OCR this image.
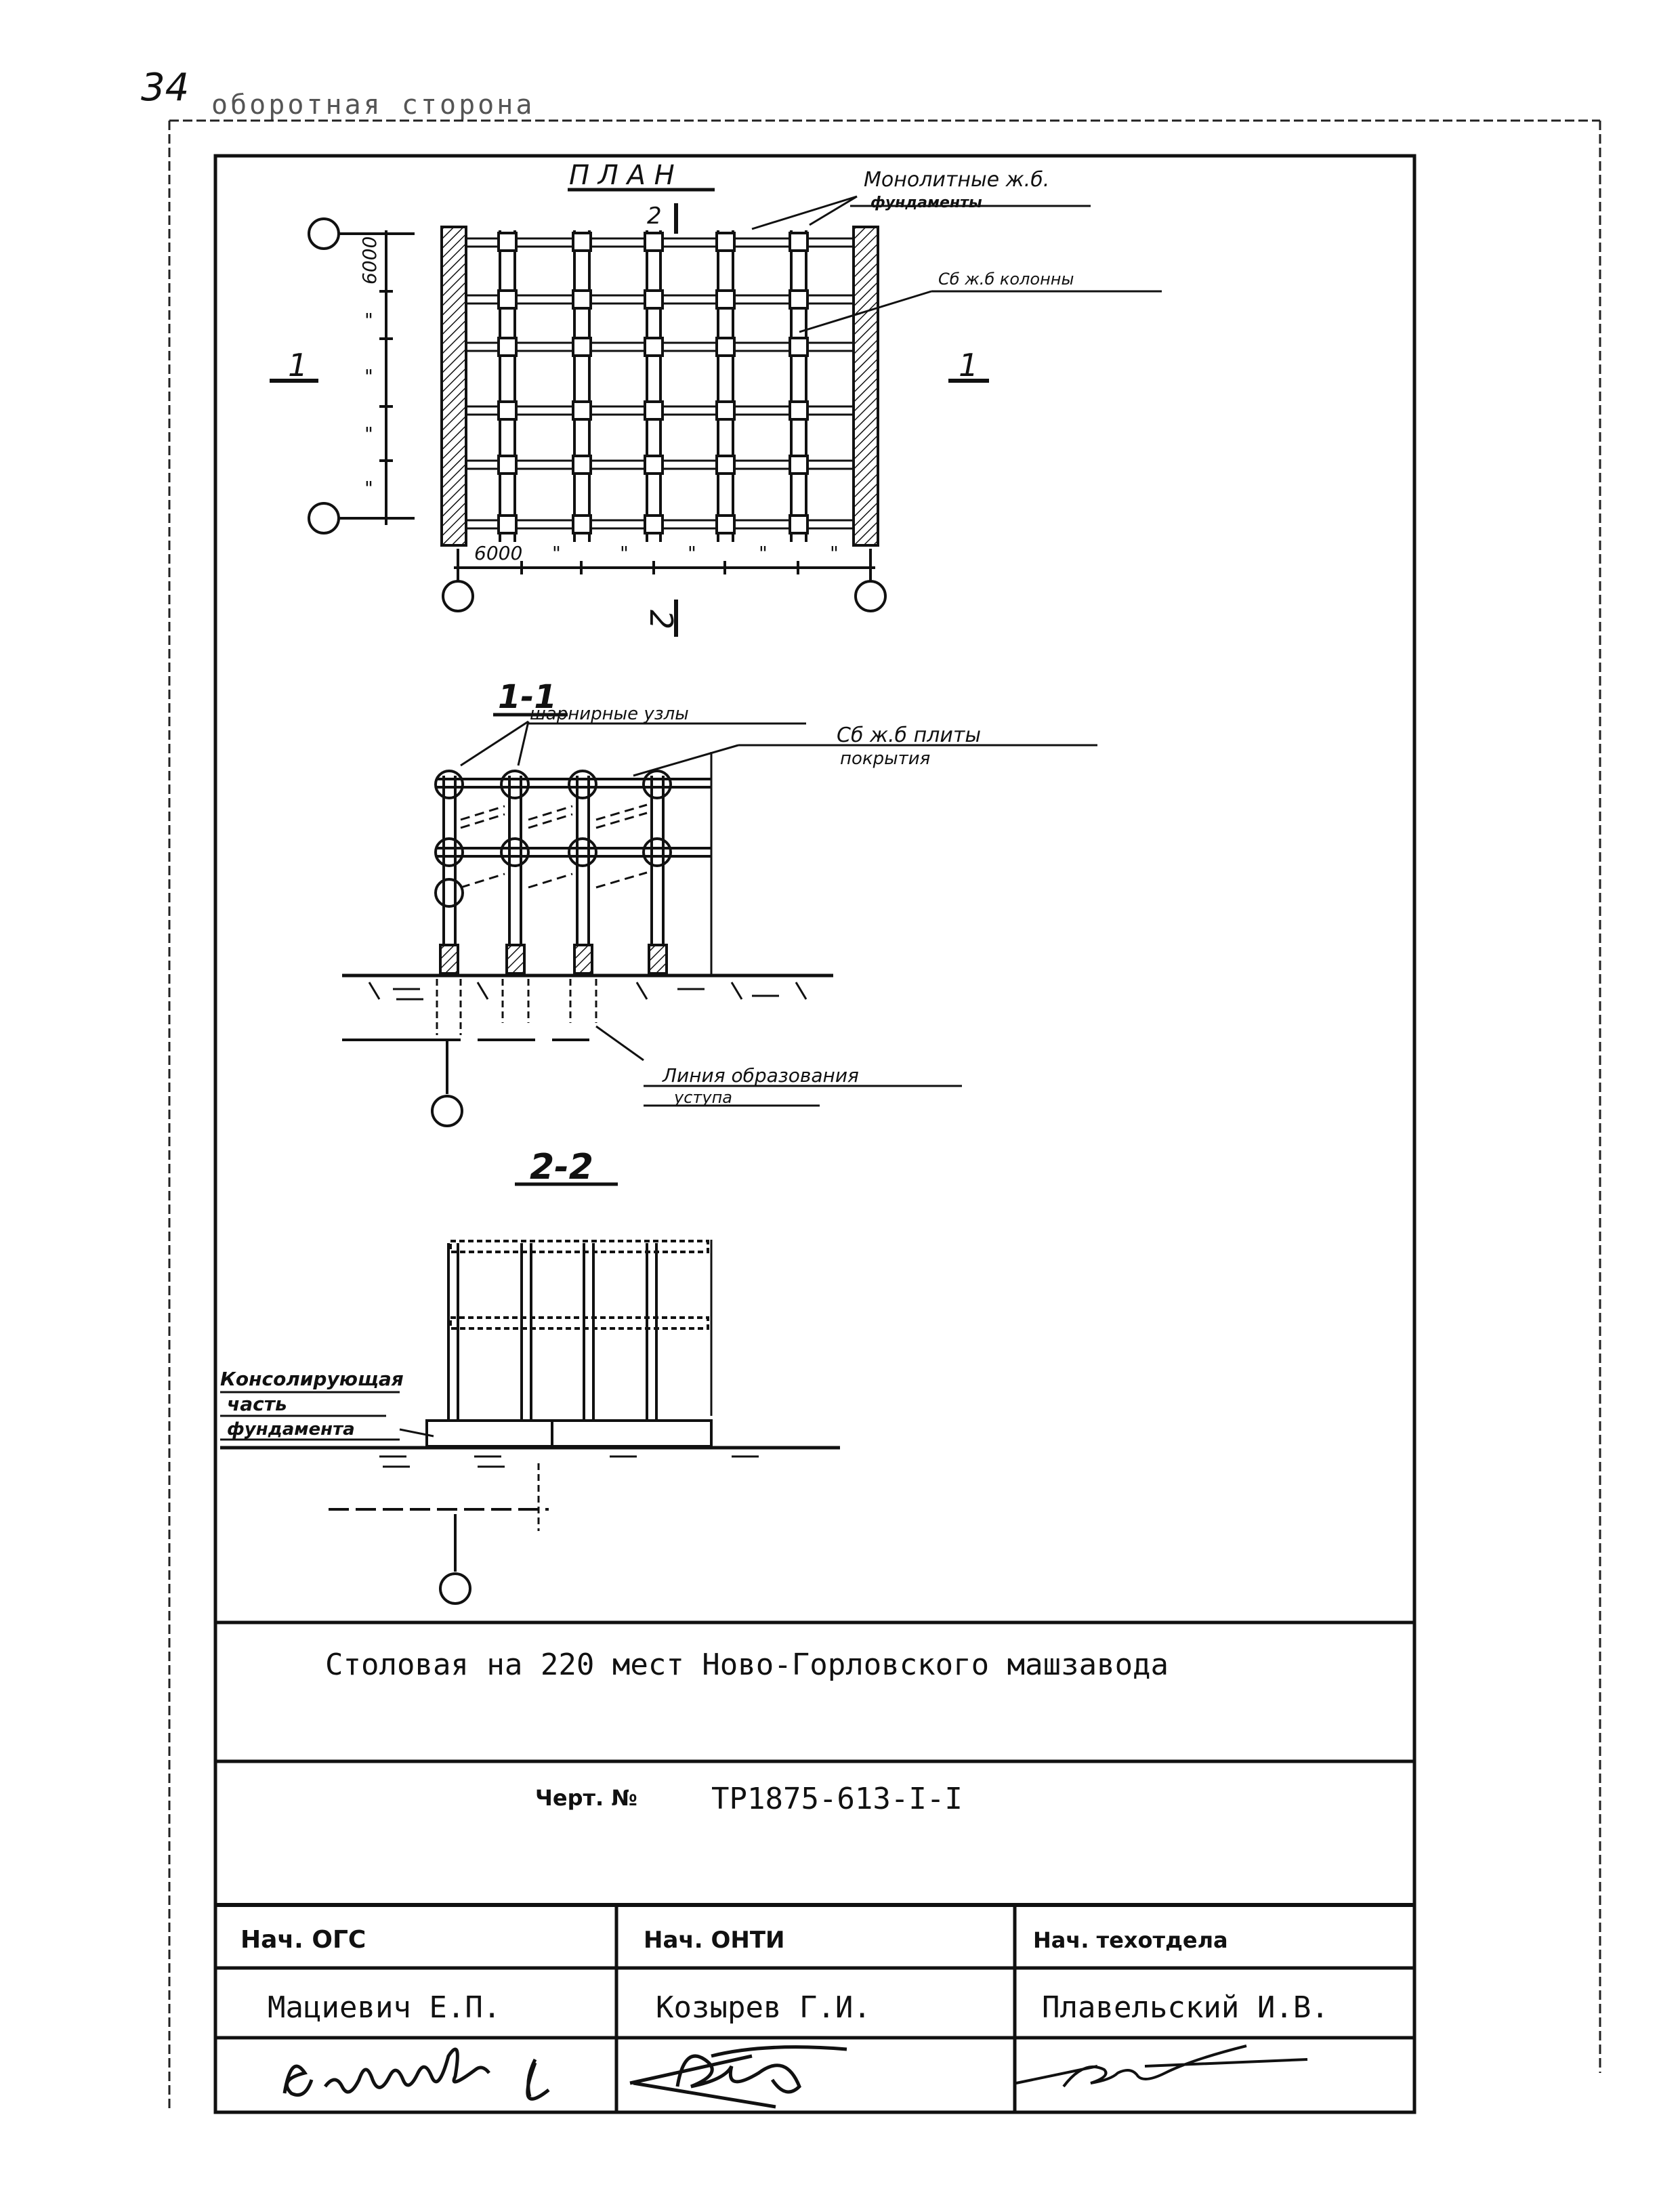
34 оборотная сторона
П Л А Н	Монолитные ж.б.
фундаменты
Сб ж.б колонны
1	1
2
2
6000
6000
"
"
"
"
"	"	"	"	"
1-1
шарнирные узлы
Сб ж.б плиты
покрытия
Линия образования
уступа
2-2
Консолирующая
часть
фундамента
Столовая на 220 мест Ново-Горловского машзавода
Черт. № ТР1875-613-I-I
Нач. ОГС	Нач. ОНТИ	Нач. техотдела
Мациевич Е.П.	Козырев Г.И.	Плавельский И.В.
